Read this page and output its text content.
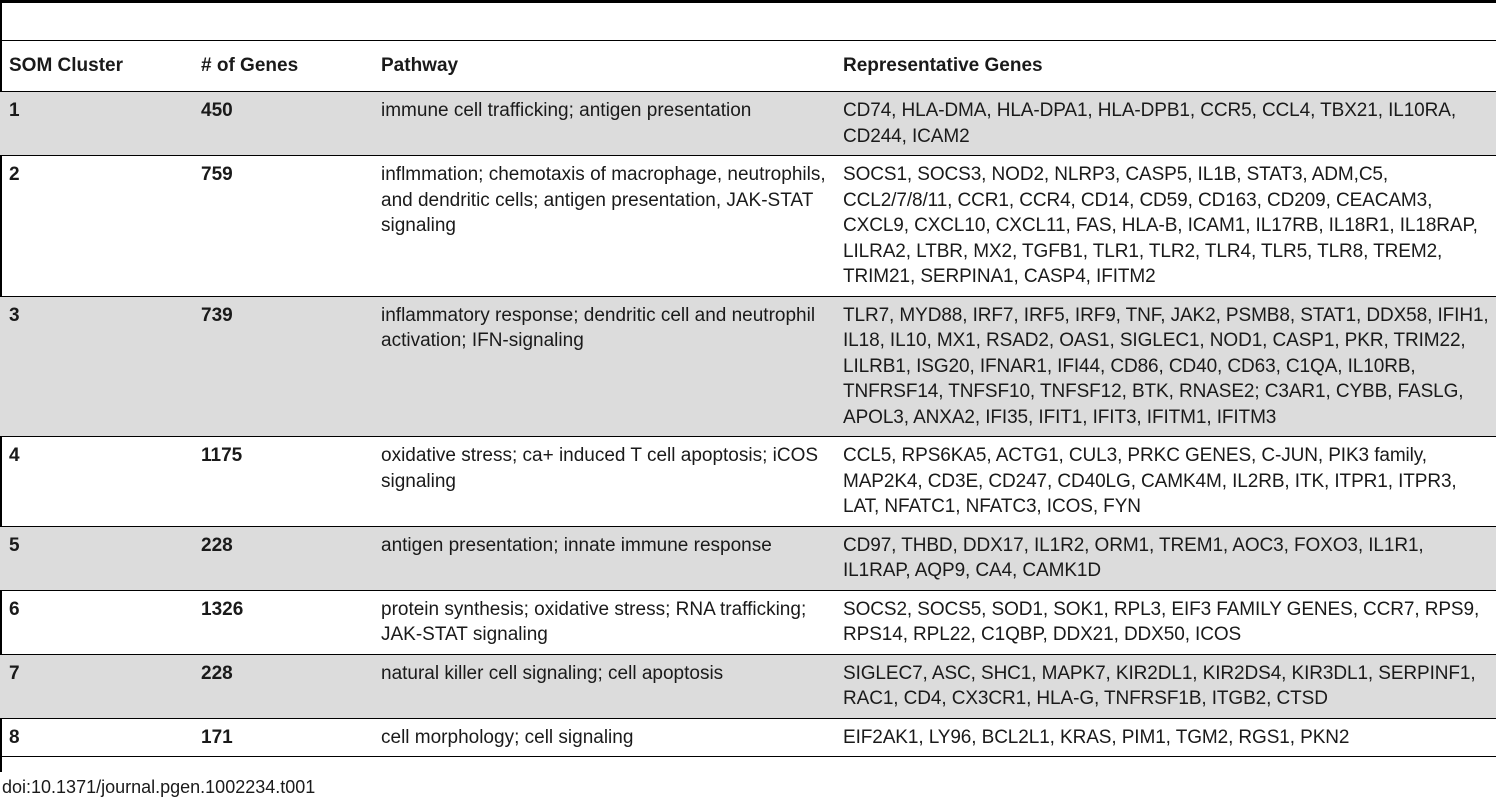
SOM Cluster	# of Genes	Pathway	Representative Genes
1	450	immune cell trafficking; antigen presentation	CD74, HLA-DMA, HLA-DPA1, HLA-DPB1, CCR5, CCL4, TBX21, IL10RA, CD244, ICAM2
2	759	inflmmation; chemotaxis of macrophage, neutrophils, and dendritic cells; antigen presentation, JAK-STAT signaling	SOCS1, SOCS3, NOD2, NLRP3, CASP5, IL1B, STAT3, ADM,C5, CCL2/7/8/11, CCR1, CCR4, CD14, CD59, CD163, CD209, CEACAM3, CXCL9, CXCL10, CXCL11, FAS, HLA-B, ICAM1, IL17RB, IL18R1, IL18RAP, LILRA2, LTBR, MX2, TGFB1, TLR1, TLR2, TLR4, TLR5, TLR8, TREM2, TRIM21, SERPINA1, CASP4, IFITM2
3	739	inflammatory response; dendritic cell and neutrophil activation; IFN-signaling	TLR7, MYD88, IRF7, IRF5, IRF9, TNF, JAK2, PSMB8, STAT1, DDX58, IFIH1, IL18, IL10, MX1, RSAD2, OAS1, SIGLEC1, NOD1, CASP1, PKR, TRIM22, LILRB1, ISG20, IFNAR1, IFI44, CD86, CD40, CD63, C1QA, IL10RB, TNFRSF14, TNFSF10, TNFSF12, BTK, RNASE2; C3AR1, CYBB, FASLG, APOL3, ANXA2, IFI35, IFIT1, IFIT3, IFITM1, IFITM3
4	1175	oxidative stress; ca+ induced T cell apoptosis; iCOS signaling	CCL5, RPS6KA5, ACTG1, CUL3, PRKC GENES, C-JUN, PIK3 family, MAP2K4, CD3E, CD247, CD40LG, CAMK4M, IL2RB, ITK, ITPR1, ITPR3, LAT, NFATC1, NFATC3, ICOS, FYN
5	228	antigen presentation; innate immune response	CD97, THBD, DDX17, IL1R2, ORM1, TREM1, AOC3, FOXO3, IL1R1, IL1RAP, AQP9, CA4, CAMK1D
6	1326	protein synthesis; oxidative stress; RNA trafficking; JAK-STAT signaling	SOCS2, SOCS5, SOD1, SOK1, RPL3, EIF3 FAMILY GENES, CCR7, RPS9, RPS14, RPL22, C1QBP, DDX21, DDX50, ICOS
7	228	natural killer cell signaling; cell apoptosis	SIGLEC7, ASC, SHC1, MAPK7, KIR2DL1, KIR2DS4, KIR3DL1, SERPINF1, RAC1, CD4, CX3CR1, HLA-G, TNFRSF1B, ITGB2, CTSD
8	171	cell morphology; cell signaling	EIF2AK1, LY96, BCL2L1, KRAS, PIM1, TGM2, RGS1, PKN2
doi:10.1371/journal.pgen.1002234.t001
